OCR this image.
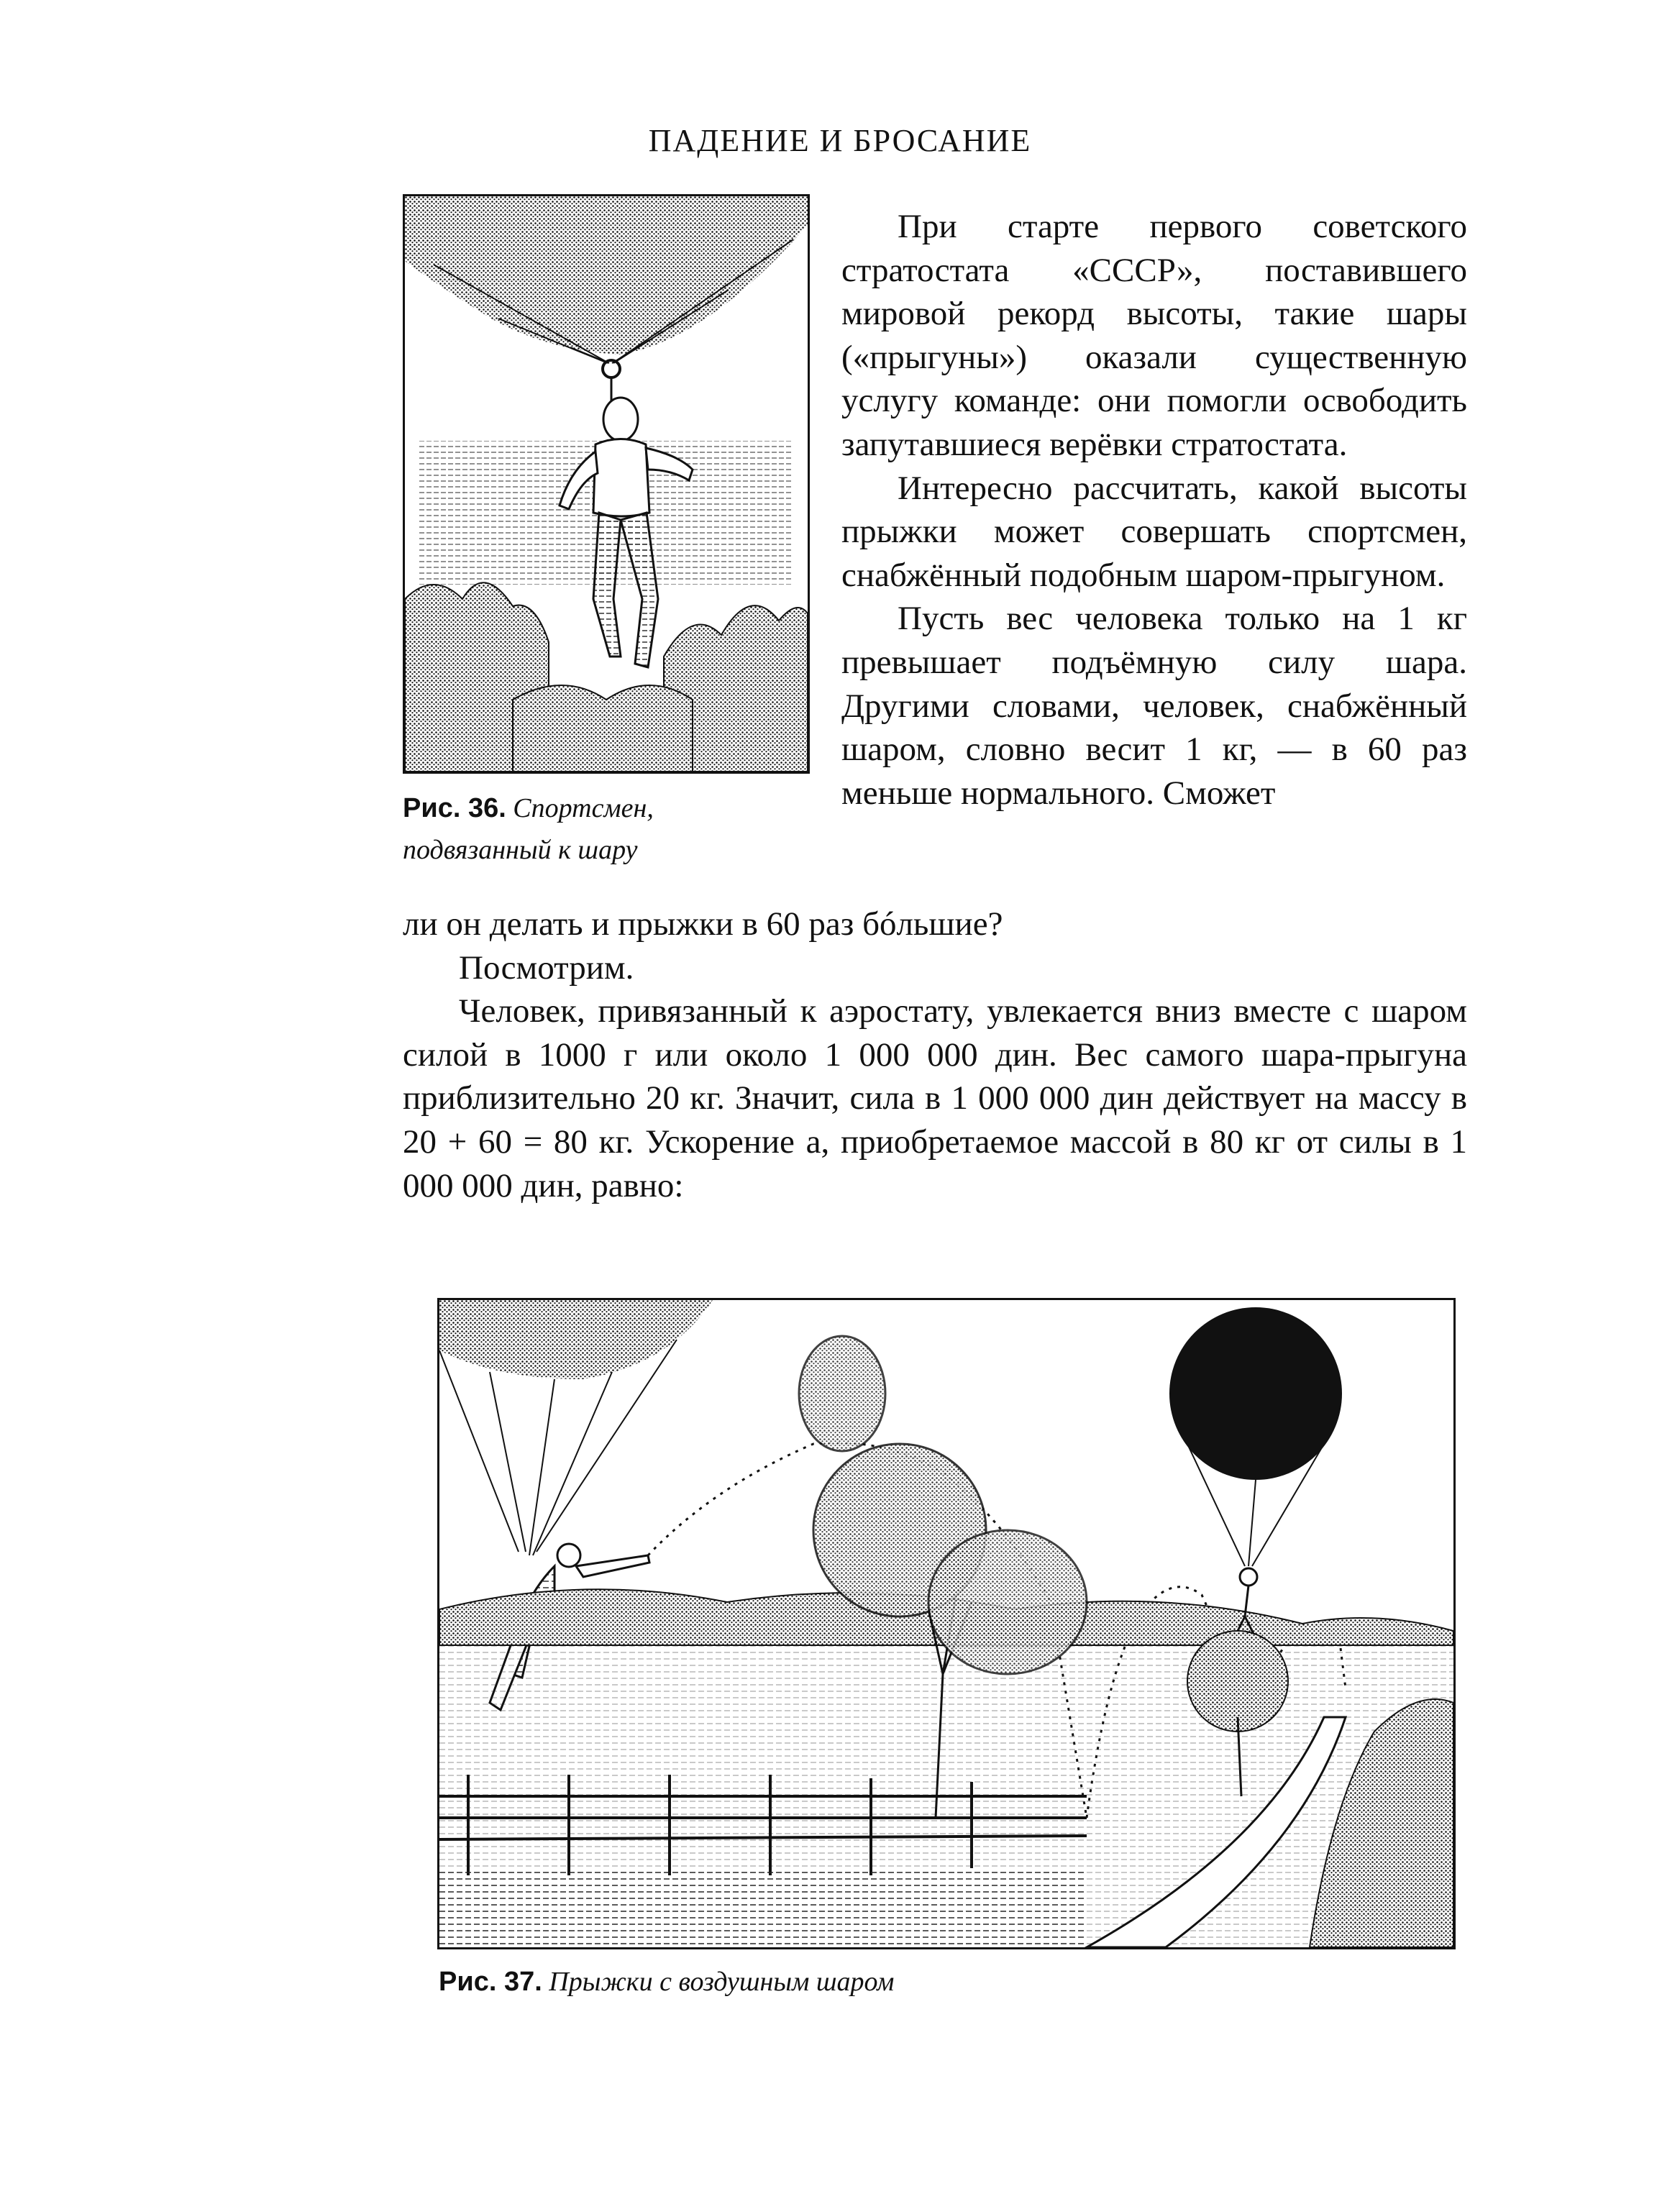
ПАДЕНИЕ И БРОСАНИЕ
Рис. 36. Спортсмен, подвязанный к шару

При старте первого советского стратостата «СССР», поставившего мировой рекорд высоты, такие шары («прыгуны») оказали существенную услугу команде: они помогли освободить запутавшиеся верёвки стратостата.

Интересно рассчитать, какой высоты прыжки может совершать спортсмен, снабжённый подобным шаром-прыгуном.

Пусть вес человека только на 1 кг превышает подъёмную силу шара. Другими словами, человек, снабжённый шаром, словно весит 1 кг, — в 60 раз меньше нормального. Сможет

ли он делать и прыжки в 60 раз бóльшие?

Посмотрим.

Человек, привязанный к аэростату, увлекается вниз вместе с шаром силой в 1000 г или около 1 000 000 дин. Вес самого шара-прыгуна приблизительно 20 кг. Значит, сила в 1 000 000 дин действует на массу в 20 + 60 = 80 кг. Ускорение a, приобретаемое массой в 80 кг от силы в 1 000 000 дин, равно:

Рис. 37. Прыжки с воздушным шаром
